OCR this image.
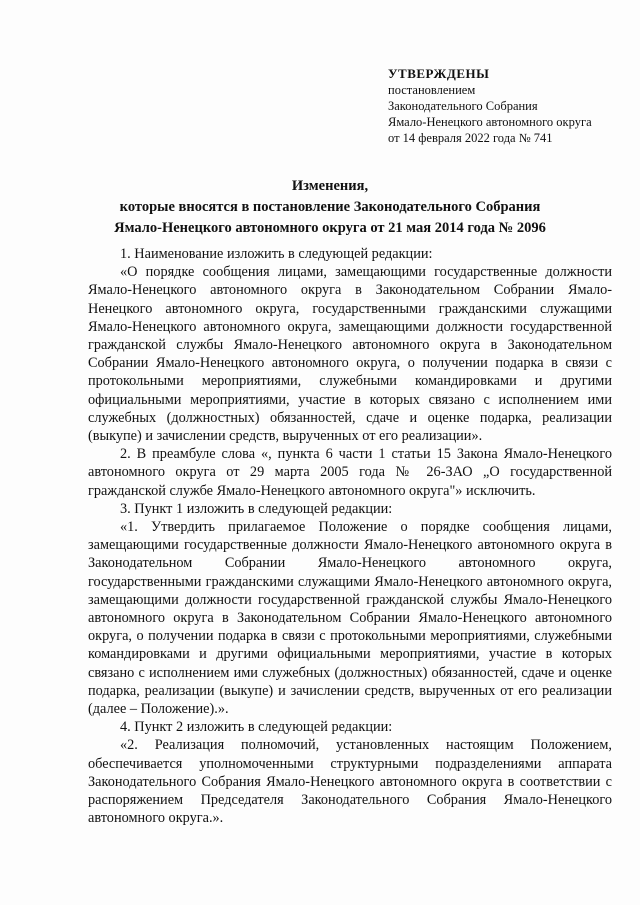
УТВЕРЖДЕНЫ
постановлением
Законодательного Собрания
Ямало-Ненецкого автономного округа
от 14 февраля 2022 года № 741
Изменения,
которые вносятся в постановление Законодательного Собрания
Ямало-Ненецкого автономного округа от 21 мая 2014 года № 2096

1. Наименование изложить в следующей редакции:

«О порядке сообщения лицами, замещающими государственные должности Ямало-Ненецкого автономного округа в Законодательном Собрании Ямало-Ненецкого автономного округа, государственными гражданскими служащими Ямало-Ненецкого автономного округа, замещающими должности государственной гражданской службы Ямало-Ненецкого автономного округа в Законодательном Собрании Ямало-Ненецкого автономного округа, о получении подарка в связи с протокольными мероприятиями, служебными командировками и другими официальными мероприятиями, участие в которых связано с исполнением ими служебных (должностных) обязанностей, сдаче и оценке подарка, реализации (выкупе) и зачислении средств, вырученных от его реализации».

2. В преамбуле слова «, пункта 6 части 1 статьи 15 Закона Ямало-Ненецкого автономного округа от 29 марта 2005 года № 26-ЗАО „О государственной гражданской службе Ямало-Ненецкого автономного округа"» исключить.

3. Пункт 1 изложить в следующей редакции:

«1. Утвердить прилагаемое Положение о порядке сообщения лицами, замещающими государственные должности Ямало-Ненецкого автономного округа в Законодательном Собрании Ямало-Ненецкого автономного округа, государственными гражданскими служащими Ямало-Ненецкого автономного округа, замещающими должности государственной гражданской службы Ямало-Ненецкого автономного округа в Законодательном Собрании Ямало-Ненецкого автономного округа, о получении подарка в связи с протокольными мероприятиями, служебными командировками и другими официальными мероприятиями, участие в которых связано с исполнением ими служебных (должностных) обязанностей, сдаче и оценке подарка, реализации (выкупе) и зачислении средств, вырученных от его реализации (далее – Положение).».

4. Пункт 2 изложить в следующей редакции:

«2. Реализация полномочий, установленных настоящим Положением, обеспечивается уполномоченными структурными подразделениями аппарата Законодательного Собрания Ямало-Ненецкого автономного округа в соответствии с распоряжением Председателя Законодательного Собрания Ямало-Ненецкого автономного округа.».
